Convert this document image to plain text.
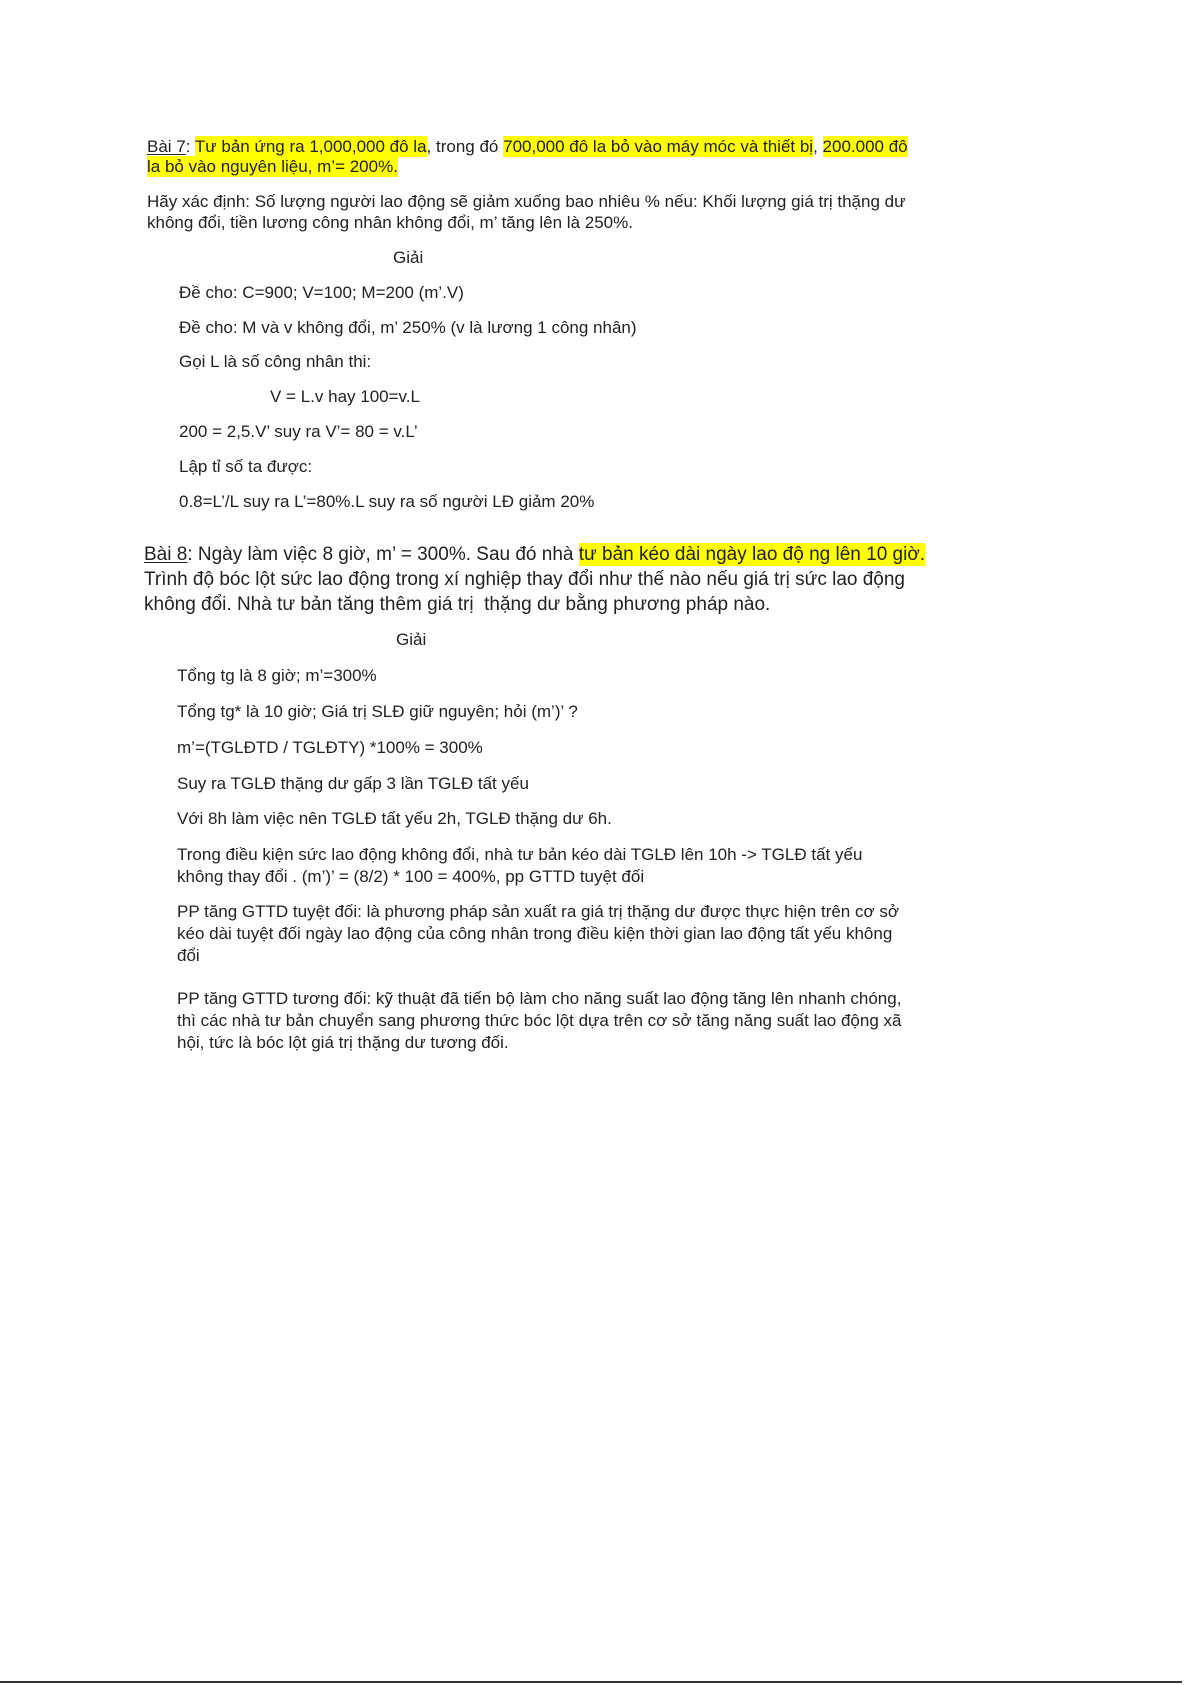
Bài 7: Tư bản ứng ra 1,000,000 đô la, trong đó 700,000 đô la bỏ vào máy móc và thiết bị, 200.000 đô
la bỏ vào nguyên liệu, m’= 200%.
Hãy xác định: Số lượng người lao động sẽ giảm xuống bao nhiêu % nếu: Khối lượng giá trị thặng dư
không đổi, tiền lương công nhân không đổi, m’ tăng lên là 250%.
Giải
Đề cho: C=900; V=100; M=200 (m’.V)
Đề cho: M và v không đổi, m’ 250% (v là lương 1 công nhân)
Gọi L là số công nhân thi:
V = L.v hay 100=v.L
200 = 2,5.V’ suy ra V’= 80 = v.L’
Lập tỉ số ta được:
0.8=L’/L suy ra L’=80%.L suy ra số người LĐ giảm 20%
Bài 8: Ngày làm việc 8 giờ, m’ = 300%. Sau đó nhà tư bản kéo dài ngày lao độ ng lên 10 giờ.
Trình độ bóc lột sức lao động trong xí nghiệp thay đổi như thế nào nếu giá trị sức lao động
không đổi. Nhà tư bản tăng thêm giá trị  thặng dư bằng phương pháp nào.
Giải
Tổng tg là 8 giờ; m’=300%
Tổng tg* là 10 giờ; Giá trị SLĐ giữ nguyên; hỏi (m’)’ ?
m’=(TGLĐTD / TGLĐTY) *100% = 300%
Suy ra TGLĐ thặng dư gấp 3 lần TGLĐ tất yếu
Với 8h làm việc nên TGLĐ tất yếu 2h, TGLĐ thặng dư 6h.
Trong điều kiện sức lao động không đổi, nhà tư bản kéo dài TGLĐ lên 10h -> TGLĐ tất yếu
không thay đổi . (m’)’ = (8/2) * 100 = 400%, pp GTTD tuyệt đối
PP tăng GTTD tuyệt đối: là phương pháp sản xuất ra giá trị thặng dư được thực hiện trên cơ sở
kéo dài tuyệt đối ngày lao động của công nhân trong điều kiện thời gian lao động tất yếu không
đổi
PP tăng GTTD tương đối: kỹ thuật đã tiến bộ làm cho năng suất lao động tăng lên nhanh chóng,
thì các nhà tư bản chuyển sang phương thức bóc lột dựa trên cơ sở tăng năng suất lao động xã
hội, tức là bóc lột giá trị thặng dư tương đối.
